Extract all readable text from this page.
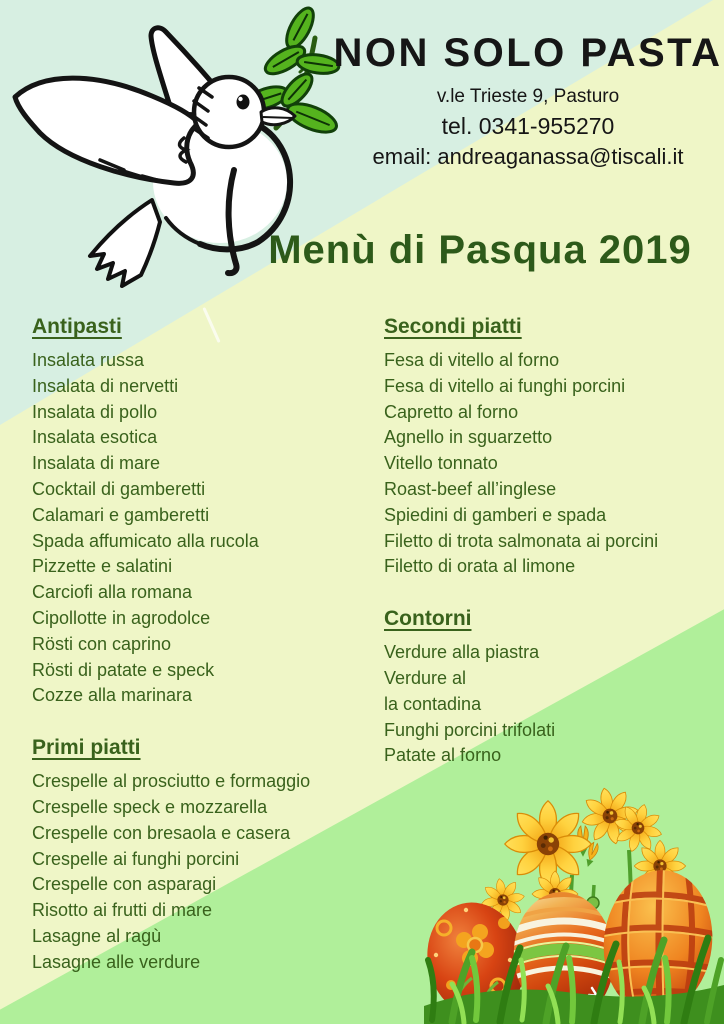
NON SOLO PASTA
v.le Trieste 9, Pasturo
tel. 0341-955270
email: andreaganassa@tiscali.it
Menù di Pasqua 2019
Antipasti
Insalata russa
Insalata di nervetti
Insalata di pollo
Insalata esotica
Insalata di mare
Cocktail di gamberetti
Calamari e gamberetti
Spada affumicato alla rucola
Pizzette e salatini
Carciofi alla romana
Cipollotte in agrodolce
Rösti con caprino
Rösti di patate e speck
Cozze alla marinara
Primi piatti
Crespelle al prosciutto e formaggio
Crespelle speck e mozzarella
Crespelle con bresaola e casera
Crespelle ai funghi porcini
Crespelle con asparagi
Risotto ai frutti di mare
Lasagne al ragù
Lasagne alle verdure
Secondi piatti
Fesa di vitello al forno
Fesa di vitello ai funghi porcini
Capretto al forno
Agnello in sguarzetto
Vitello tonnato
Roast-beef all’inglese
Spiedini di gamberi e spada
Filetto di trota salmonata ai porcini
Filetto di orata al limone
Contorni
Verdure alla piastra
Verdure al
la contadina
Funghi porcini trifolati
Patate al forno
